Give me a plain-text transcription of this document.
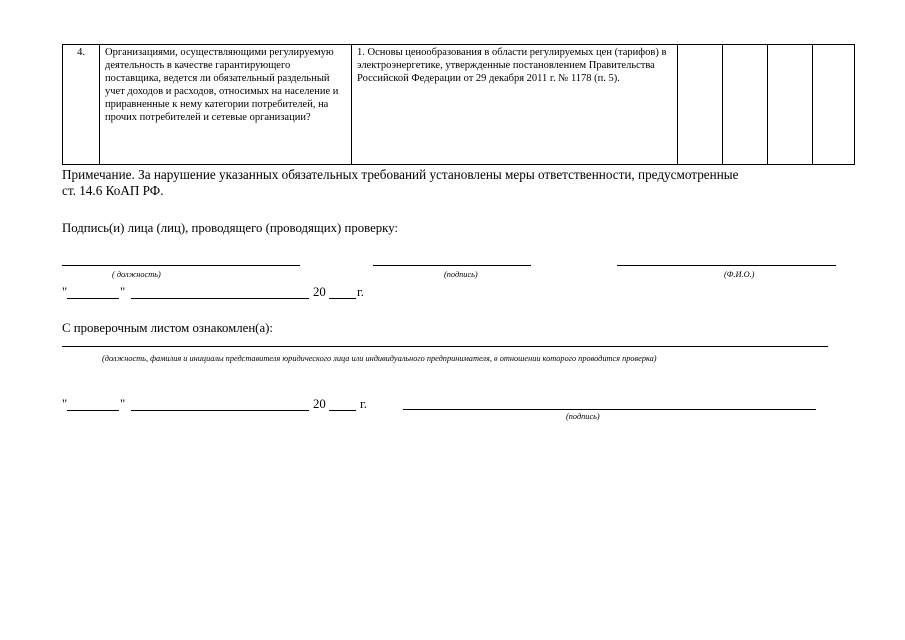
4.	Организациями, осуществляющими регулируемую деятельность в качестве гарантирующего поставщика, ведется ли обязательный раздельный учет доходов и расходов, относимых на население и приравненные к нему категории потребителей, на прочих потребителей и сетевые организации?	1. Основы ценообразования в области регулируемых цен (тарифов) в электроэнергетике, утвержденные постановлением Правительства Российской Федерации от 29 декабря 2011 г. № 1178 (п. 5).				
Примечание. За нарушение указанных обязательных требований установлены меры ответственности, предусмотренные
ст. 14.6 КоАП РФ.
Подпись(и) лица (лиц), проводящего (проводящих) проверку:
( должность)	(подпись)	(Ф.И.О.)
"	"	20 г.
С проверочным листом ознакомлен(а):
(должность, фамилия и инициалы представителя юридического лица или индивидуального предпринимателя, в отношении которого проводится проверка)
"	"	20	г.
(подпись)
